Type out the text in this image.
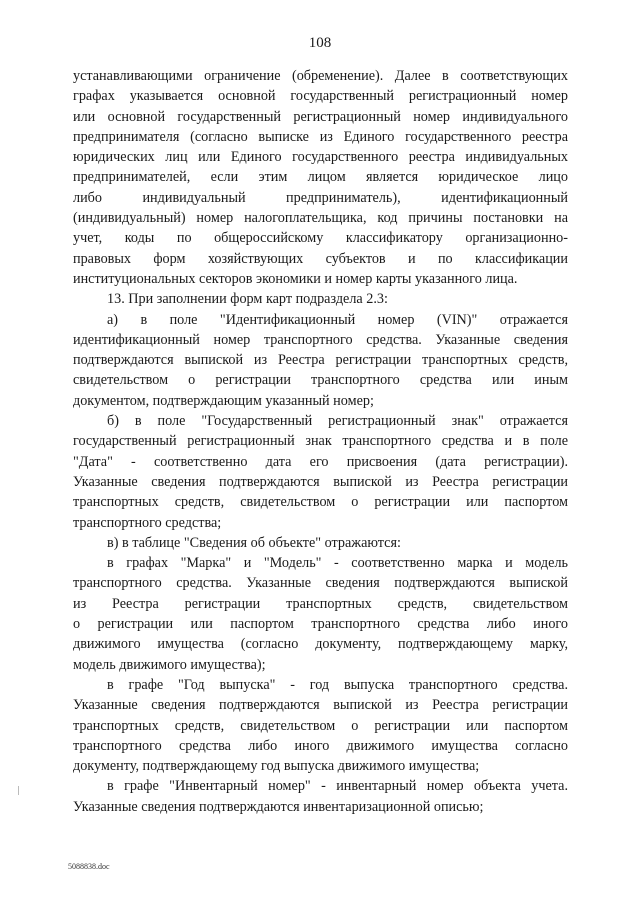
108
устанавливающими ограничение (обременение). Далее в соответствующих
графах указывается основной государственный регистрационный номер
или основной государственный регистрационный номер индивидуального
предпринимателя (согласно выписке из Единого государственного реестра
юридических лиц или Единого государственного реестра индивидуальных
предпринимателей, если этим лицом является юридическое лицо
либо индивидуальный предприниматель), идентификационный
(индивидуальный) номер налогоплательщика, код причины постановки на
учет, коды по общероссийскому классификатору организационно-
правовых форм хозяйствующих субъектов и по классификации
институциональных секторов экономики и номер карты указанного лица.
13. При заполнении форм карт подраздела 2.3:
а) в поле "Идентификационный номер (VIN)" отражается
идентификационный номер транспортного средства. Указанные сведения
подтверждаются выпиской из Реестра регистрации транспортных средств,
свидетельством о регистрации транспортного средства или иным
документом, подтверждающим указанный номер;
б) в поле "Государственный регистрационный знак" отражается
государственный регистрационный знак транспортного средства и в поле
"Дата" - соответственно дата его присвоения (дата регистрации).
Указанные сведения подтверждаются выпиской из Реестра регистрации
транспортных средств, свидетельством о регистрации или паспортом
транспортного средства;
в) в таблице "Сведения об объекте" отражаются:
в графах "Марка" и "Модель" - соответственно марка и модель
транспортного средства. Указанные сведения подтверждаются выпиской
из Реестра регистрации транспортных средств, свидетельством
о регистрации или паспортом транспортного средства либо иного
движимого имущества (согласно документу, подтверждающему марку,
модель движимого имущества);
в графе "Год выпуска" - год выпуска транспортного средства.
Указанные сведения подтверждаются выпиской из Реестра регистрации
транспортных средств, свидетельством о регистрации или паспортом
транспортного средства либо иного движимого имущества согласно
документу, подтверждающему год выпуска движимого имущества;
в графе "Инвентарный номер" - инвентарный номер объекта учета.
Указанные сведения подтверждаются инвентаризационной описью;
5088838.doc
